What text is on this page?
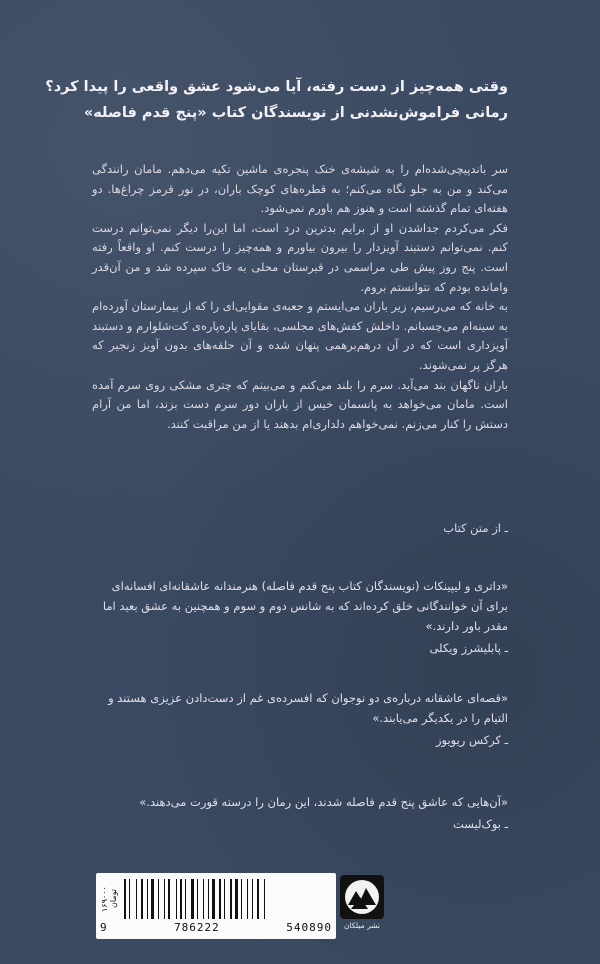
وقتی همه‌چیز از دست رفته، آیا می‌شود عشق واقعی را پیدا کرد؟
رمانی فراموش‌نشدنی از نویسندگان کتاب «پنج قدم فاصله»

سر باندپیچی‌شده‌ام را به شیشه‌ی خنک پنجره‌ی ماشین تکیه می‌دهم. مامان رانندگی می‌کند و من به جلو نگاه می‌کنم؛ به قطره‌های کوچک باران، در نور قرمز چراغ‌ها. دو هفته‌ای تمام گذشته است و هنوز هم باورم نمی‌شود.

فکر می‌کردم جداشدن او از برایم بدترین درد است، اما این‌را دیگر نمی‌توانم درست کنم. نمی‌توانم دستبند آویزدار را بیرون بیاورم و همه‌چیز را درست کنم. او واقعاً رفته است. پنج روز پیش طی مراسمی در قبرستان محلی به خاک سپرده شد و من آن‌قدر وامانده بودم که نتوانستم بروم.

به خانه که می‌رسیم، زیر باران می‌ایستم و جعبه‌ی مقوایی‌ای را که از بیمارستان آورده‌ام به سینه‌ام می‌چسبانم. داخلش کفش‌های مجلسی، بقایای پاره‌پاره‌ی کت‌شلوارم و دستبند آویزداری است که در آن درهم‌برهمی پنهان شده و آن حلقه‌های بدون آویز زنجیر که هرگز پر نمی‌شوند.

باران ناگهان بند می‌آید. سرم را بلند می‌کنم و می‌بینم که چتری مشکی روی سرم آمده است. مامان می‌خواهد به پانسمان خیس از باران دور سرم دست بزند، اما من آرام دستش را کنار می‌زنم. نمی‌خواهم دلداری‌ام بدهند یا از من مراقبت کنند.

ـ از متن کتاب
«داتری و لیپینکات (نویسندگان کتاب پنج قدم فاصله) هنرمندانه عاشقانه‌ای افسانه‌ای برای آن خوانندگانی خلق کرده‌اند که به شانس دوم و سوم و همچنین به عشق بعید اما مقدر باور دارند.»
ـ پابلیشرز ویکلی
«قصه‌ای عاشقانه درباره‌ی دو نوجوان که افسرده‌ی غم از دست‌دادن عزیزی هستند و التیام را در یکدیگر می‌یابند.»
ـ کرکس ریویوز
«آن‌هایی که عاشق پنج قدم فاصله شدند، این رمان را درسته قورت می‌دهند.»
ـ بوک‌لیست
۱۶۹۰۰۰ تومان
9	786222	540890	نشر میلکان
